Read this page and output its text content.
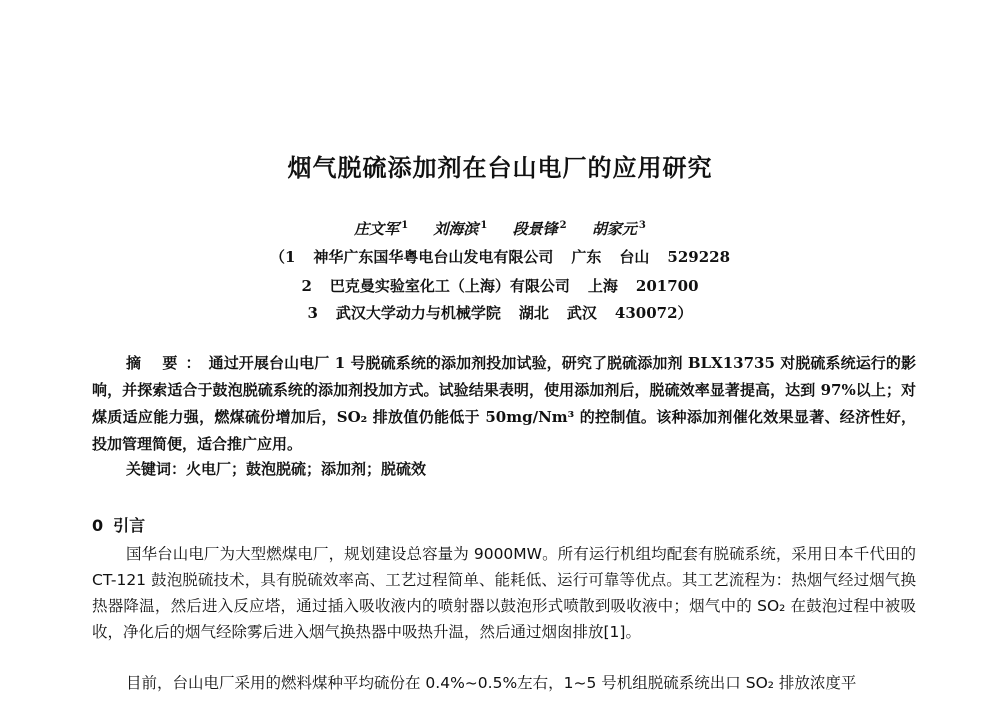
烟气脱硫添加剂在台山电厂的应用研究
庄文军 $^1$ 刘海滨 $^1$ 段景锋 $^2$ 胡家元 $^3$
（1 神华广东国华粤电台山发电有限公司 广东 台山 529228
2 巴克曼实验室化工（上海）有限公司 上海 201700
3 武汉大学动力与机械学院 湖北 武汉 430072）
摘 要：通过开展台山电厂 1 号脱硫系统的添加剂投加试验，研究了脱硫添加剂 BLX13735 对脱硫系统运行的影响，并探索适合于鼓泡脱硫系统的添加剂投加方式。试验结果表明，使用添加剂后，脱硫效率显著提高，达到 97%以上；对煤质适应能力强，燃煤硫份增加后，SO₂ 排放值仍能低于 50mg/Nm³ 的控制值。该种添加剂催化效果显著、经济性好，投加管理简便，适合推广应用。
关键词：火电厂；鼓泡脱硫；添加剂；脱硫效
0 引言
国华台山电厂为大型燃煤电厂，规划建设总容量为 9000MW。所有运行机组均配套有脱硫系统，采用日本千代田的 CT-121 鼓泡脱硫技术，具有脱硫效率高、工艺过程简单、能耗低、运行可靠等优点。其工艺流程为：热烟气经过烟气换热器降温，然后进入反应塔，通过插入吸收液内的喷射器以鼓泡形式喷散到吸收液中；烟气中的 SO₂ 在鼓泡过程中被吸收，净化后的烟气经除雾后进入烟气换热器中吸热升温，然后通过烟囱排放[1]。
目前，台山电厂采用的燃料煤种平均硫份在 0.4%~0.5%左右，1~5 号机组脱硫系统出口 SO₂ 排放浓度平
